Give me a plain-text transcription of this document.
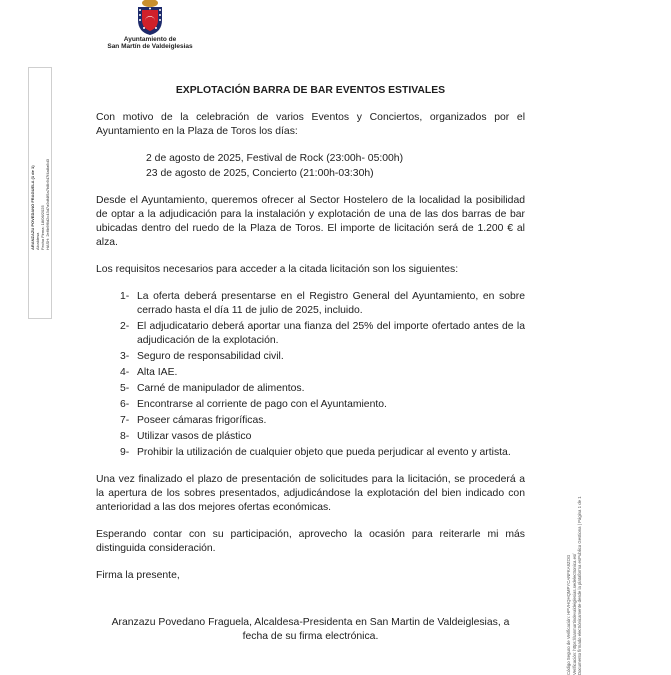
Ayuntamiento de
San Martín de Valdeiglesias
ARANZAZU POVEDANO FRAGUELA (1 de 1) Alcaldesa Fecha Firma: 18/06/2025 HASH: 2e6b6f6d2c43d7a9df4f5a7b8b947f4a8a6d3
Código Seguro de Verificación: HPVHQHQMPYCANFKA9ZOG Verificación: https://sanmartindevaldeiglesias.sedelectronica.es/ Documento firmado electrónicamente desde la plataforma esPublico Gestiona | Página 1 de 1
EXPLOTACIÓN BARRA DE BAR EVENTOS ESTIVALES

Con motivo de la celebración de varios Eventos y Conciertos, organizados por el Ayuntamiento en la Plaza de Toros los días:

2 de agosto de 2025, Festival de Rock (23:00h- 05:00h)
23 de agosto de 2025, Concierto (21:00h-03:30h)

Desde el Ayuntamiento, queremos ofrecer al Sector Hostelero de la localidad la posibilidad de optar a la adjudicación para la instalación y explotación de una de las dos barras de bar ubicadas dentro del ruedo de la Plaza de Toros. El importe de licitación será de 1.200 € al alza.

Los requisitos necesarios para acceder a la citada licitación son los siguientes:

1- La oferta deberá presentarse en el Registro General del Ayuntamiento, en sobre cerrado hasta el día 11 de julio de 2025, incluido.
2- El adjudicatario deberá aportar una fianza del 25% del importe ofertado antes de la adjudicación de la explotación.
3- Seguro de responsabilidad civil.
4- Alta IAE.
5- Carné de manipulador de alimentos.
6- Encontrarse al corriente de pago con el Ayuntamiento.
7- Poseer cámaras frigoríficas.
8- Utilizar vasos de plástico
9- Prohibir la utilización de cualquier objeto que pueda perjudicar al evento y artista.

Una vez finalizado el plazo de presentación de solicitudes para la licitación, se procederá a la apertura de los sobres presentados, adjudicándose la explotación del bien indicado con anterioridad a las dos mejores ofertas económicas.

Esperando contar con su participación, aprovecho la ocasión para reiterarle mi más distinguida consideración.

Firma la presente,

Aranzazu Povedano Fraguela, Alcaldesa-Presidenta en San Martin de Valdeiglesias, a
fecha de su firma electrónica.
